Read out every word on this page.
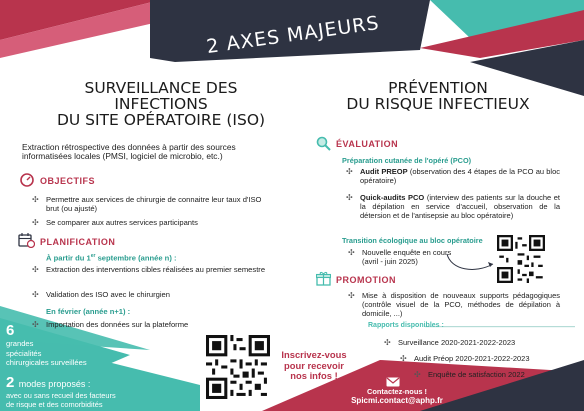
2 AXES MAJEURS
SURVEILLANCE DES
INFECTIONS
DU SITE OPÉRATOIRE (ISO)
PRÉVENTION
DU RISQUE INFECTIEUX
Extraction rétrospective des données à partir des sources informatisées locales (PMSI, logiciel de microbio, etc.)
OBJECTIFS
✣ Permettre aux services de chirurgie de connaitre leur taux d'ISO brut (ou ajusté)
✣ Se comparer aux autres services participants
PLANIFICATION
À partir du 1er septembre (année n) :
✣ Extraction des interventions cibles réalisées au premier semestre
✣ Validation des ISO avec le chirurgien
En février (année n+1) :
✣ Importation des données sur la plateforme
6
grandes
spécialités
chirurgicales surveillées
2 modes proposés :
avec ou sans recueil des facteurs
de risque et des comorbidités
Inscrivez-vous
pour recevoir
nos infos !
ÉVALUATION
Préparation cutanée de l'opéré (PCO)
✣ Audit PREOP (observation des 4 étapes de la PCO au bloc opératoire)
✣ Quick-audits PCO (interview des patients sur la douche et la dépilation en service d'accueil, observation de la détersion et de l'antisepsie au bloc opératoire)
Transition écologique au bloc opératoire
✣ Nouvelle enquête en cours
(avril - juin 2025)
PROMOTION
✣ Mise à disposition de nouveaux supports pédagogiques (contrôle visuel de la PCO, méthodes de dépilation à domicile, ...)
Rapports disponibles :
✣ Surveillance 2020-2021-2022-2023
✣ Audit Préop 2020-2021-2022-2023
✣ Enquête de satisfaction 2022
Contactez-nous !
Spicmi.contact@aphp.fr
